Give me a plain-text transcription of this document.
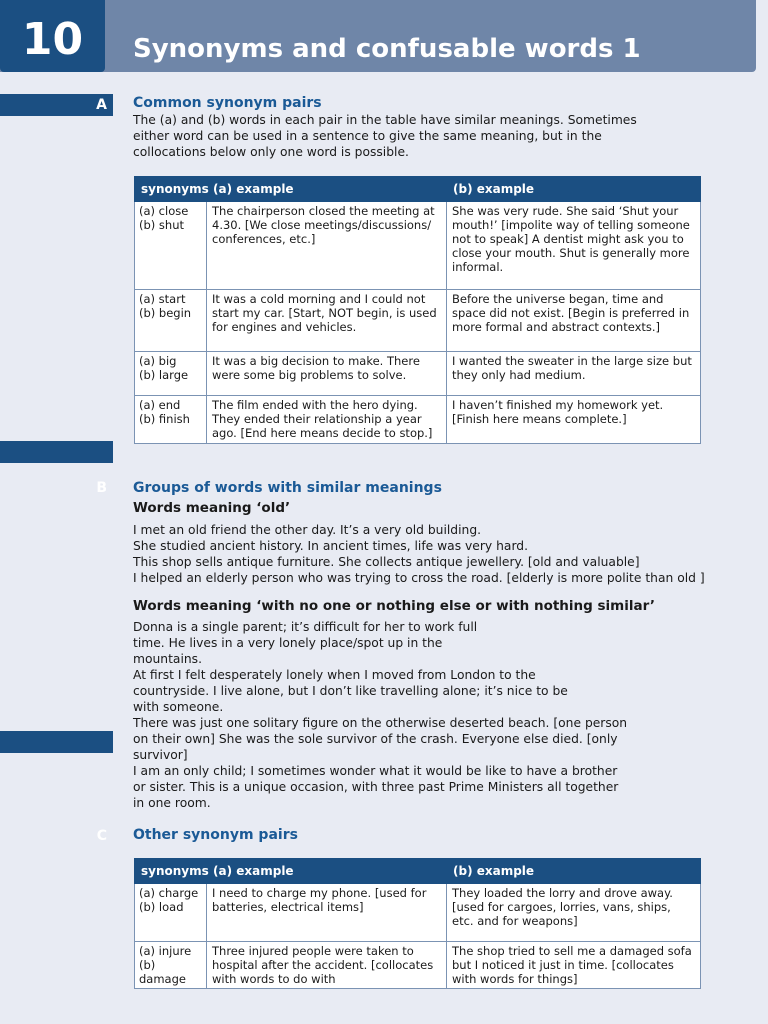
10	Synonyms and confusable words 1
A	Common synonym pairs
The (a) and (b) words in each pair in the table have similar meanings. Sometimes
either word can be used in a sentence to give the same meaning, but in the
collocations below only one word is possible.
synonyms	(a) example	(b) example

(a) close
(b) shut	The chairperson closed the meeting at 4.30. [We close meetings/discussions/ conferences, etc.]	She was very rude. She said ‘Shut your mouth!’ [impolite way of telling someone not to speak] A dentist might ask you to close your mouth. Shut is generally more informal.

(a) start
(b) begin	It was a cold morning and I could not start my car. [Start, NOT begin, is used for engines and vehicles.	Before the universe began, time and space did not exist. [Begin is preferred in more formal and abstract contexts.]

(a) big
(b) large	It was a big decision to make. There were some big problems to solve.	I wanted the sweater in the large size but they only had medium.

(a) end
(b) finish	The film ended with the hero dying. They ended their relationship a year ago. [End here means decide to stop.]	I haven’t finished my homework yet. [Finish here means complete.]
B	Groups of words with similar meanings
Words meaning ‘old’
I met an old friend the other day. It’s a very old building.
She studied ancient history. In ancient times, life was very hard.
This shop sells antique furniture. She collects antique jewellery. [old and valuable]
I helped an elderly person who was trying to cross the road. [elderly is more polite than old ]
Words meaning ‘with no one or nothing else or with nothing similar’
Donna is a single parent; it’s difficult for her to work full
time. He lives in a very lonely place/spot up in the
mountains.
At first I felt desperately lonely when I moved from London to the
countryside. I live alone, but I don’t like travelling alone; it’s nice to be
with someone.
There was just one solitary figure on the otherwise deserted beach. [one person
on their own] She was the sole survivor of the crash. Everyone else died. [only
survivor]
I am an only child; I sometimes wonder what it would be like to have a brother
or sister. This is a unique occasion, with three past Prime Ministers all together
in one room.
C	Other synonym pairs
synonyms	(a) example	(b) example

(a) charge
(b) load	I need to charge my phone. [used for batteries, electrical items]	They loaded the lorry and drove away. [used for cargoes, lorries, vans, ships, etc. and for weapons]

(a) injure
(b) damage	Three injured people were taken to hospital after the accident. [collocates with words to do with	The shop tried to sell me a damaged sofa but I noticed it just in time. [collocates with words for things]
